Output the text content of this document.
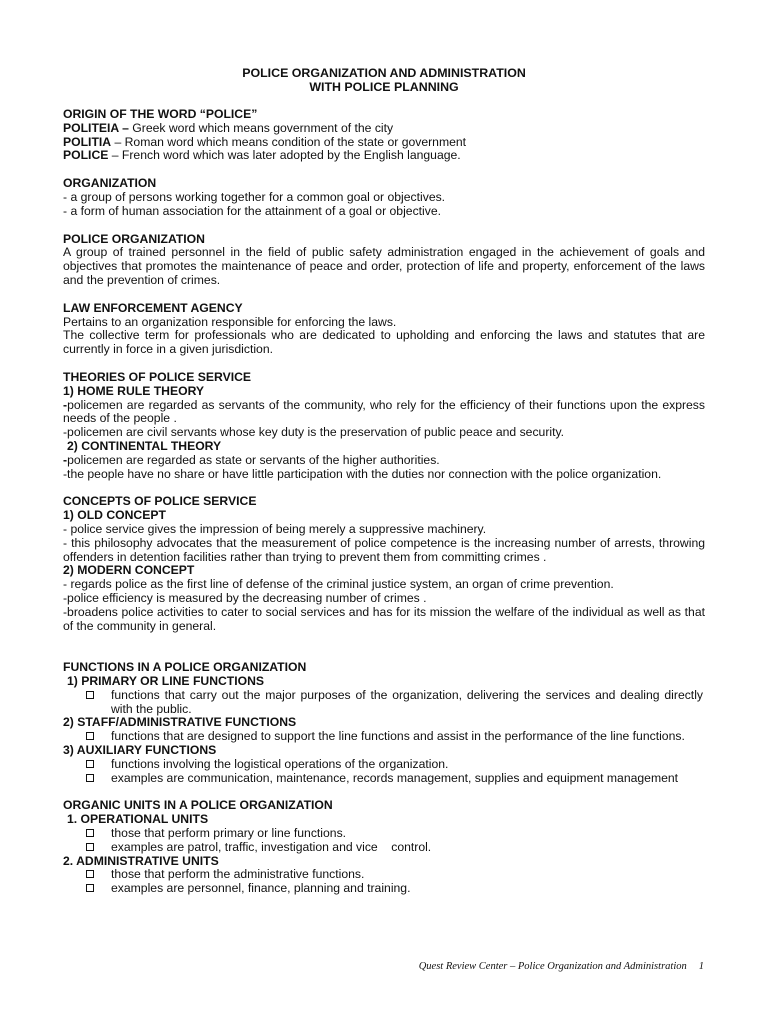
POLICE ORGANIZATION AND ADMINISTRATION
WITH POLICE PLANNING
ORIGIN OF THE WORD “POLICE”
POLITEIA – Greek word which means government of the city
POLITIA – Roman word which means condition of the state or government
POLICE – French word which was later adopted by the English language.
ORGANIZATION
- a group of persons working together for a common goal or objectives.
- a form of human association for the attainment of a goal or objective.
POLICE ORGANIZATION
A group of trained personnel in the field of public safety administration engaged in the achievement of goals and objectives that promotes the maintenance of peace and order, protection of life and property, enforcement of the laws and the prevention of crimes.
LAW ENFORCEMENT AGENCY
Pertains to an organization responsible for enforcing the laws.
The collective term for professionals who are dedicated to upholding and enforcing the laws and statutes that are currently in force in a given jurisdiction.
THEORIES OF POLICE SERVICE
1) HOME RULE THEORY
-policemen are regarded as servants of the community, who rely for the efficiency of their functions upon the express needs of the people .
-policemen are civil servants whose key duty is the preservation of public peace and security.
2) CONTINENTAL THEORY
-policemen are regarded as state or servants of the higher authorities.
-the people have no share or have little participation with the duties nor connection with the police organization.
CONCEPTS OF POLICE SERVICE
1) OLD CONCEPT
- police service gives the impression of being merely a suppressive machinery.
- this philosophy advocates that the measurement of police competence is the increasing number of arrests, throwing offenders in detention facilities rather than trying to prevent them from committing crimes .
2) MODERN CONCEPT
- regards police as the first line of defense of the criminal justice system, an organ of crime prevention.
-police efficiency is measured by the decreasing number of crimes .
-broadens police activities to cater to social services and has for its mission the welfare of the individual as well as that of the community in general.
FUNCTIONS IN A POLICE ORGANIZATION
1) PRIMARY OR LINE FUNCTIONS
functions that carry out the major purposes of the organization, delivering the services and dealing directly with the public.
2) STAFF/ADMINISTRATIVE FUNCTIONS
functions that are designed to support the line functions and assist in the performance of the line functions.
3) AUXILIARY FUNCTIONS
functions involving the logistical operations of the organization.
examples are communication, maintenance, records management, supplies and equipment management
ORGANIC UNITS IN A POLICE ORGANIZATION
1. OPERATIONAL UNITS
those that perform primary or line functions.
examples are patrol, traffic, investigation and vice    control.
2. ADMINISTRATIVE UNITS
those that perform the administrative functions.
examples are personnel, finance, planning and training.
Quest Review Center – Police Organization and Administration 1
